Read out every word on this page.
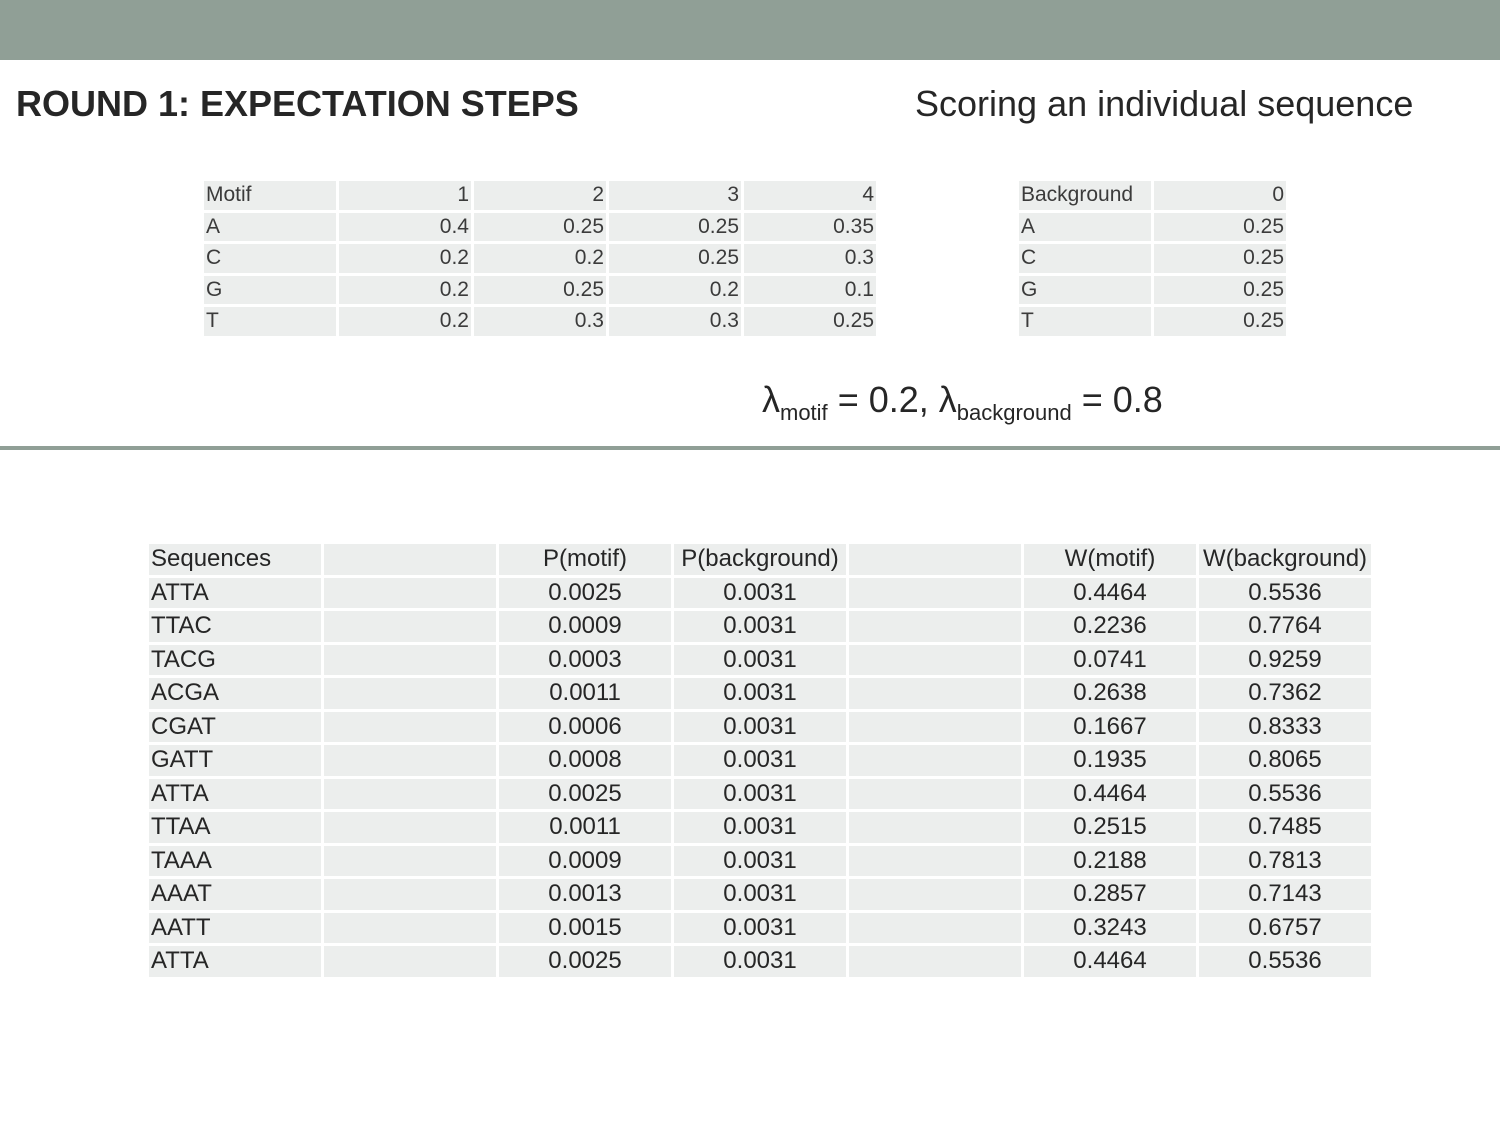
ROUND 1: EXPECTATION STEPS	Scoring an individual sequence
Motif	1	2	3	4
A	0.4	0.25	0.25	0.35
C	0.2	0.2	0.25	0.3
G	0.2	0.25	0.2	0.1
T	0.2	0.3	0.3	0.25
Background	0
A	0.25
C	0.25
G	0.25
T	0.25
$\lambda_{motif} = 0.2$, $\lambda_{background} = 0.8$
Sequences		P(motif)	P(background)		W(motif)	W(background)
ATTA		0.0025	0.0031		0.4464	0.5536
TTAC		0.0009	0.0031		0.2236	0.7764
TACG		0.0003	0.0031		0.0741	0.9259
ACGA		0.0011	0.0031		0.2638	0.7362
CGAT		0.0006	0.0031		0.1667	0.8333
GATT		0.0008	0.0031		0.1935	0.8065
ATTA		0.0025	0.0031		0.4464	0.5536
TTAA		0.0011	0.0031		0.2515	0.7485
TAAA		0.0009	0.0031		0.2188	0.7813
AAAT		0.0013	0.0031		0.2857	0.7143
AATT		0.0015	0.0031		0.3243	0.6757
ATTA		0.0025	0.0031		0.4464	0.5536
